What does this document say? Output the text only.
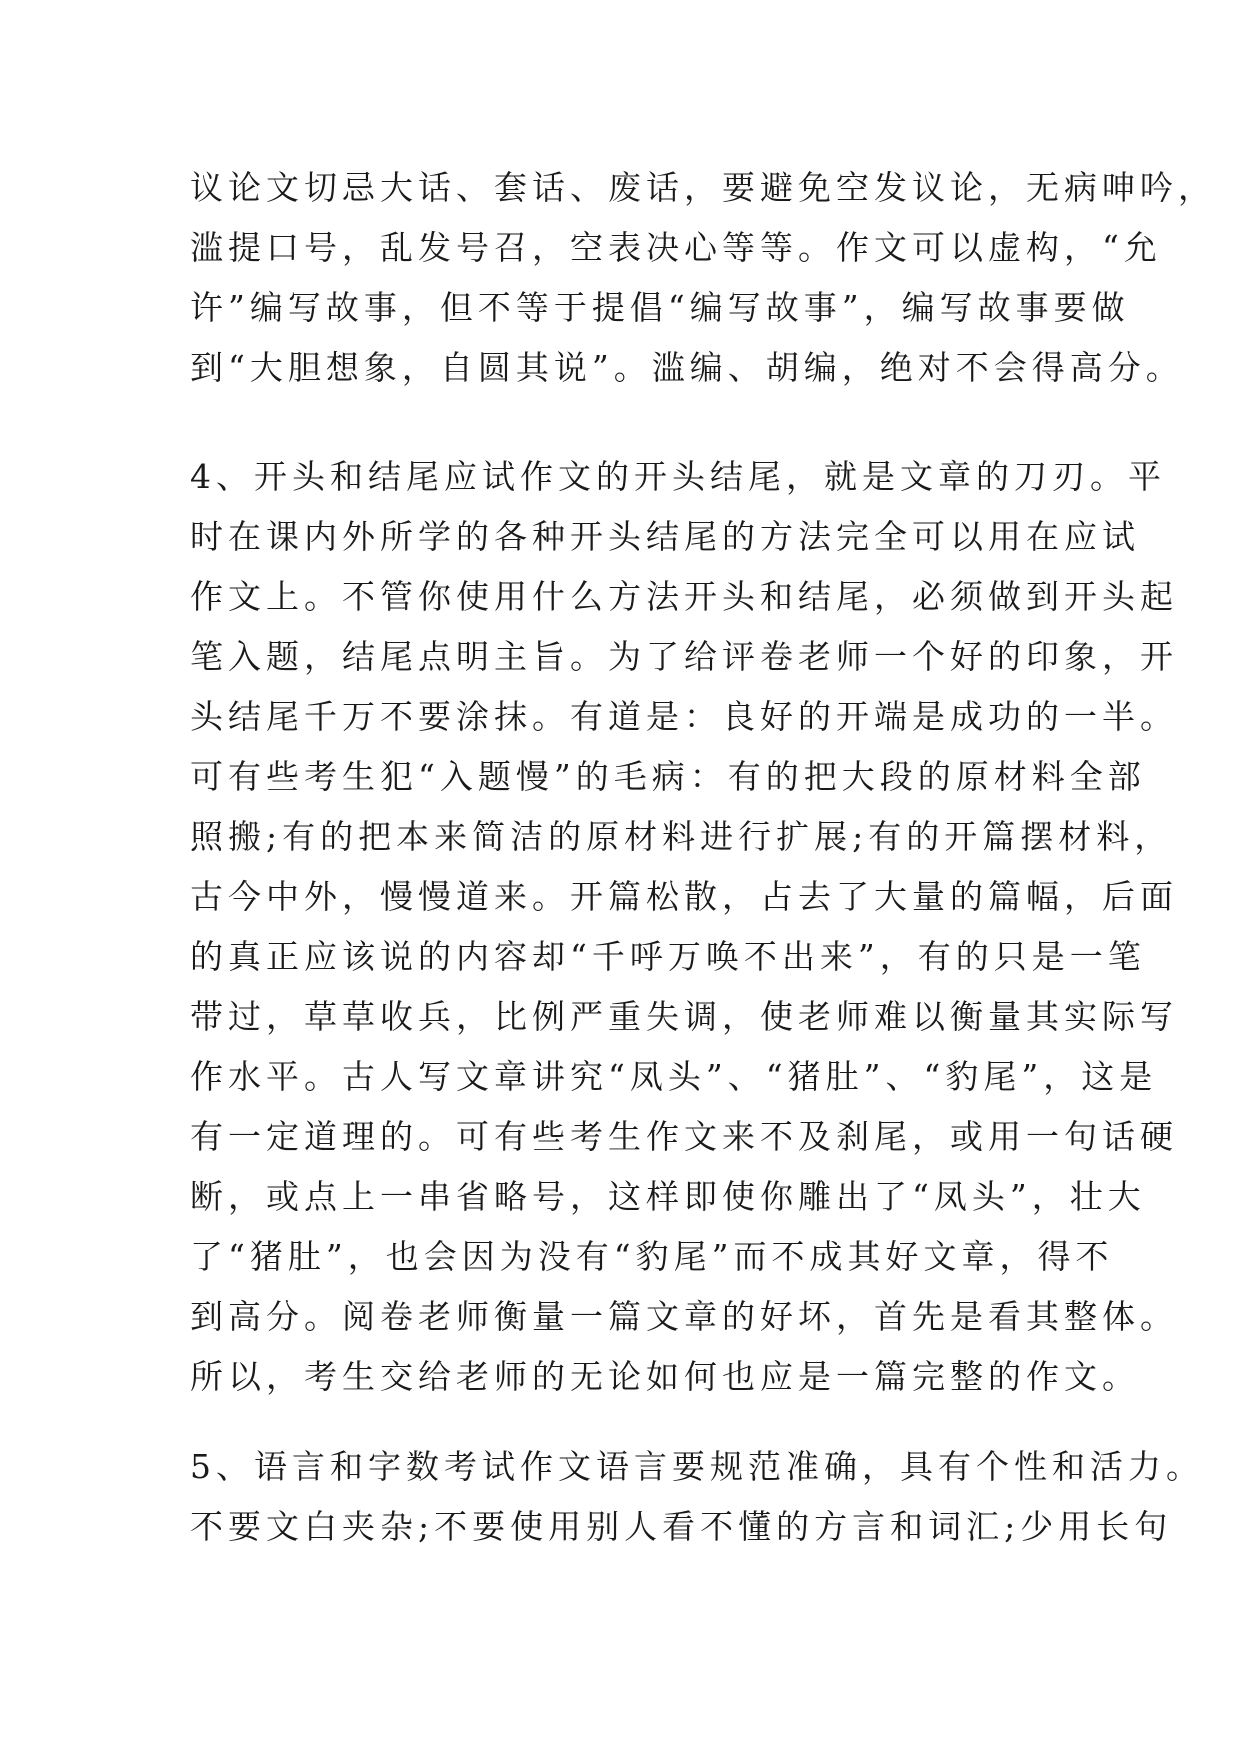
议论文切忌大话、套话、废话，要避免空发议论，无病呻吟，
滥提口号，乱发号召，空表决心等等。作文可以虚构，“允
许”编写故事，但不等于提倡“编写故事”，编写故事要做
到“大胆想象，自圆其说”。滥编、胡编，绝对不会得高分。
4、开头和结尾应试作文的开头结尾，就是文章的刀刃。平
时在课内外所学的各种开头结尾的方法完全可以用在应试
作文上。不管你使用什么方法开头和结尾，必须做到开头起
笔入题，结尾点明主旨。为了给评卷老师一个好的印象，开
头结尾千万不要涂抹。有道是：良好的开端是成功的一半。
可有些考生犯“入题慢”的毛病：有的把大段的原材料全部
照搬;有的把本来简洁的原材料进行扩展;有的开篇摆材料，
古今中外，慢慢道来。开篇松散，占去了大量的篇幅，后面
的真正应该说的内容却“千呼万唤不出来”，有的只是一笔
带过，草草收兵，比例严重失调，使老师难以衡量其实际写
作水平。古人写文章讲究“凤头”、“猪肚”、“豹尾”，这是
有一定道理的。可有些考生作文来不及刹尾，或用一句话硬
断，或点上一串省略号，这样即使你雕出了“凤头”，壮大
了“猪肚”，也会因为没有“豹尾”而不成其好文章，得不
到高分。阅卷老师衡量一篇文章的好坏，首先是看其整体。
所以，考生交给老师的无论如何也应是一篇完整的作文。
5、语言和字数考试作文语言要规范准确，具有个性和活力。
不要文白夹杂;不要使用别人看不懂的方言和词汇;少用长句
